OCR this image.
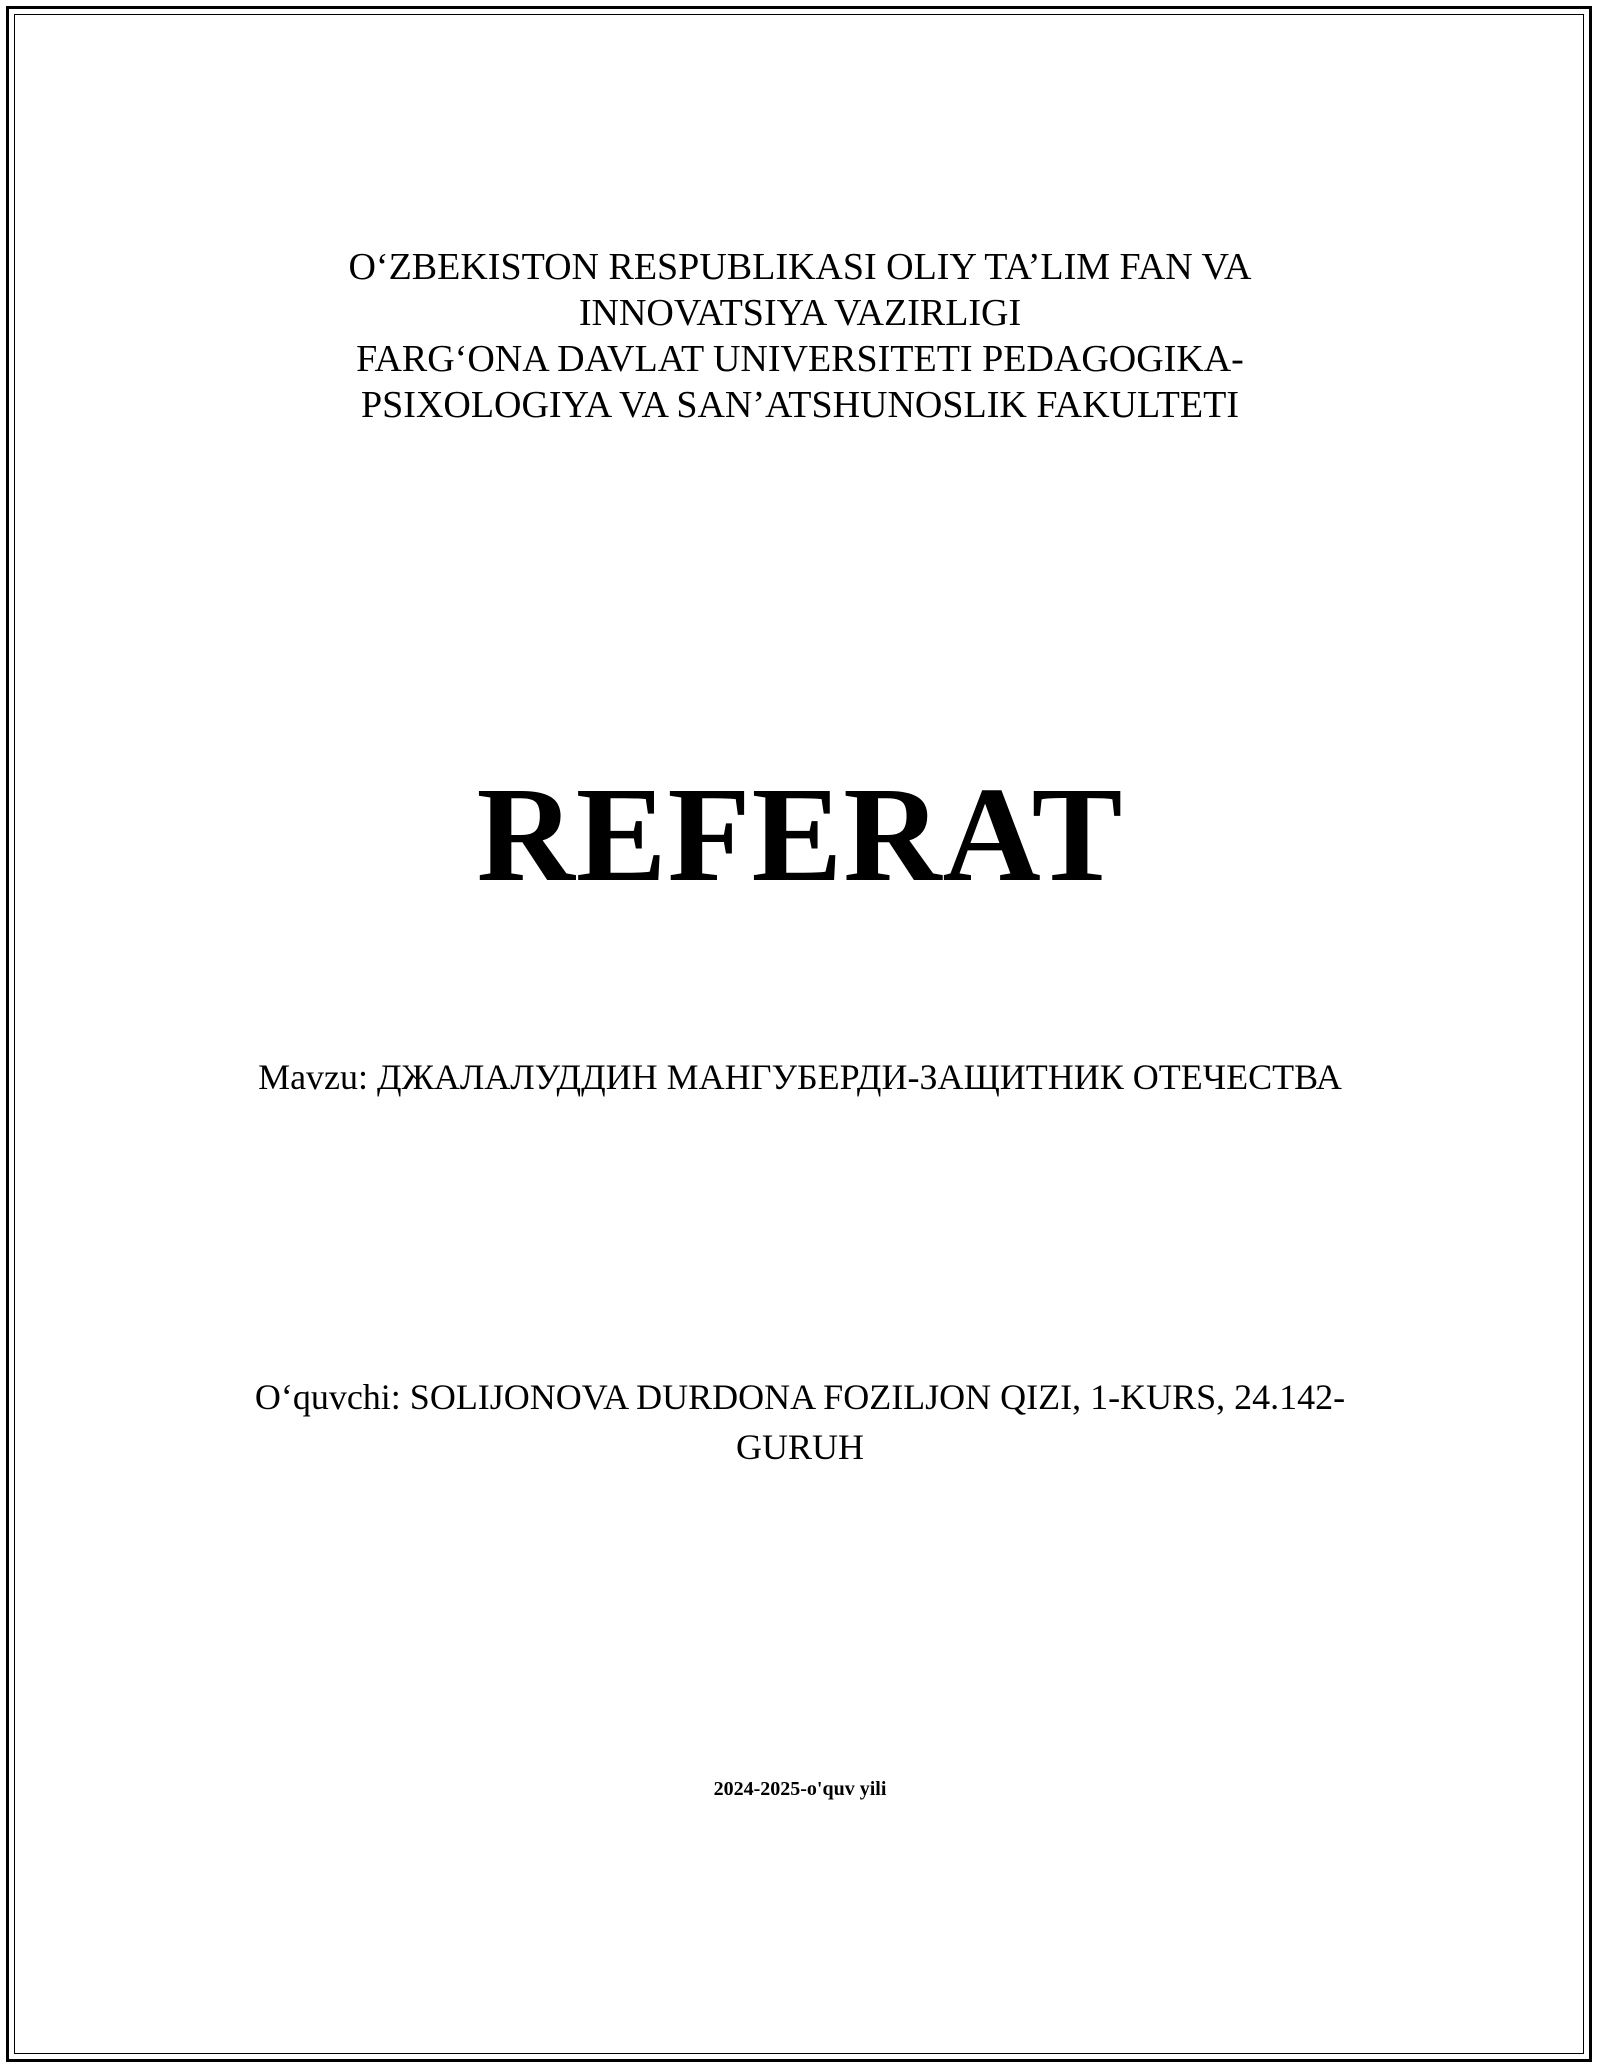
O‘ZBEKISTON RESPUBLIKASI OLIY TA’LIM FAN VA
INNOVATSIYA VAZIRLIGI
FARG‘ONA DAVLAT UNIVERSITETI PEDAGOGIKA-
PSIXOLOGIYA VA SAN’ATSHUNOSLIK FAKULTETI
REFERAT
Mavzu: ДЖАЛАЛУДДИН МАНГУБЕРДИ-ЗАЩИТНИК ОТЕЧЕСТВА
O‘quvchi: SOLIJONOVA DURDONA FOZILJON QIZI, 1-KURS, 24.142-
GURUH
2024-2025-o'quv yili
